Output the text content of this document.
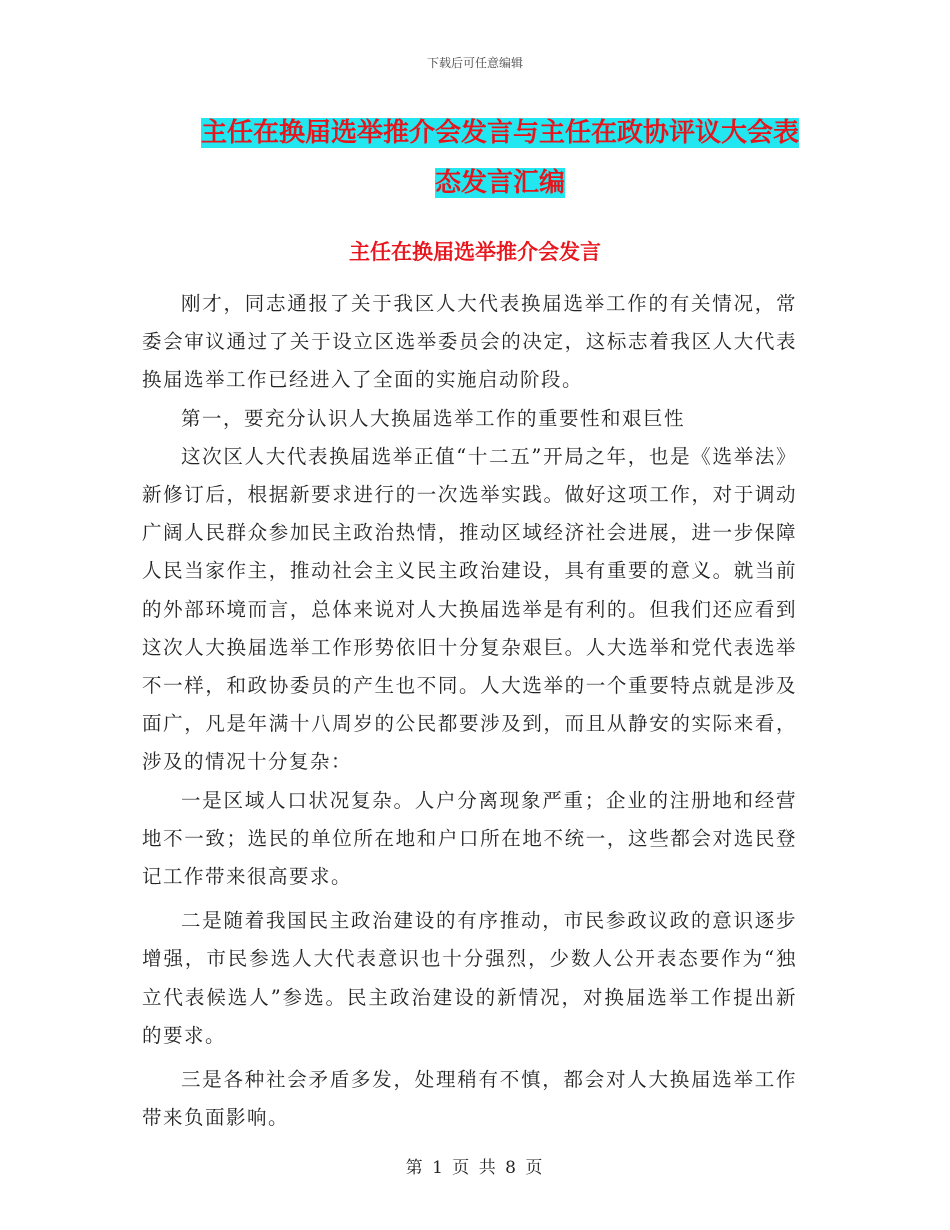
下载后可任意编辑
主任在换届选举推介会发言与主任在政协评议大会表
态发言汇编
主任在换届选举推介会发言

刚才，同志通报了关于我区人大代表换届选举工作的有关情况，常委会审议通过了关于设立区选举委员会的决定，这标志着我区人大代表换届选举工作已经进入了全面的实施启动阶段。

第一，要充分认识人大换届选举工作的重要性和艰巨性

这次区人大代表换届选举正值“十二五”开局之年，也是《选举法》新修订后，根据新要求进行的一次选举实践。做好这项工作，对于调动广阔人民群众参加民主政治热情，推动区域经济社会进展，进一步保障人民当家作主，推动社会主义民主政治建设，具有重要的意义。就当前的外部环境而言，总体来说对人大换届选举是有利的。但我们还应看到这次人大换届选举工作形势依旧十分复杂艰巨。人大选举和党代表选举不一样，和政协委员的产生也不同。人大选举的一个重要特点就是涉及面广，凡是年满十八周岁的公民都要涉及到，而且从静安的实际来看，涉及的情况十分复杂：

一是区域人口状况复杂。人户分离现象严重；企业的注册地和经营地不一致；选民的单位所在地和户口所在地不统一，这些都会对选民登记工作带来很高要求。

二是随着我国民主政治建设的有序推动，市民参政议政的意识逐步增强，市民参选人大代表意识也十分强烈，少数人公开表态要作为“独立代表候选人”参选。民主政治建设的新情况，对换届选举工作提出新的要求。

三是各种社会矛盾多发，处理稍有不慎，都会对人大换届选举工作带来负面影响。

第 1 页 共 8 页
